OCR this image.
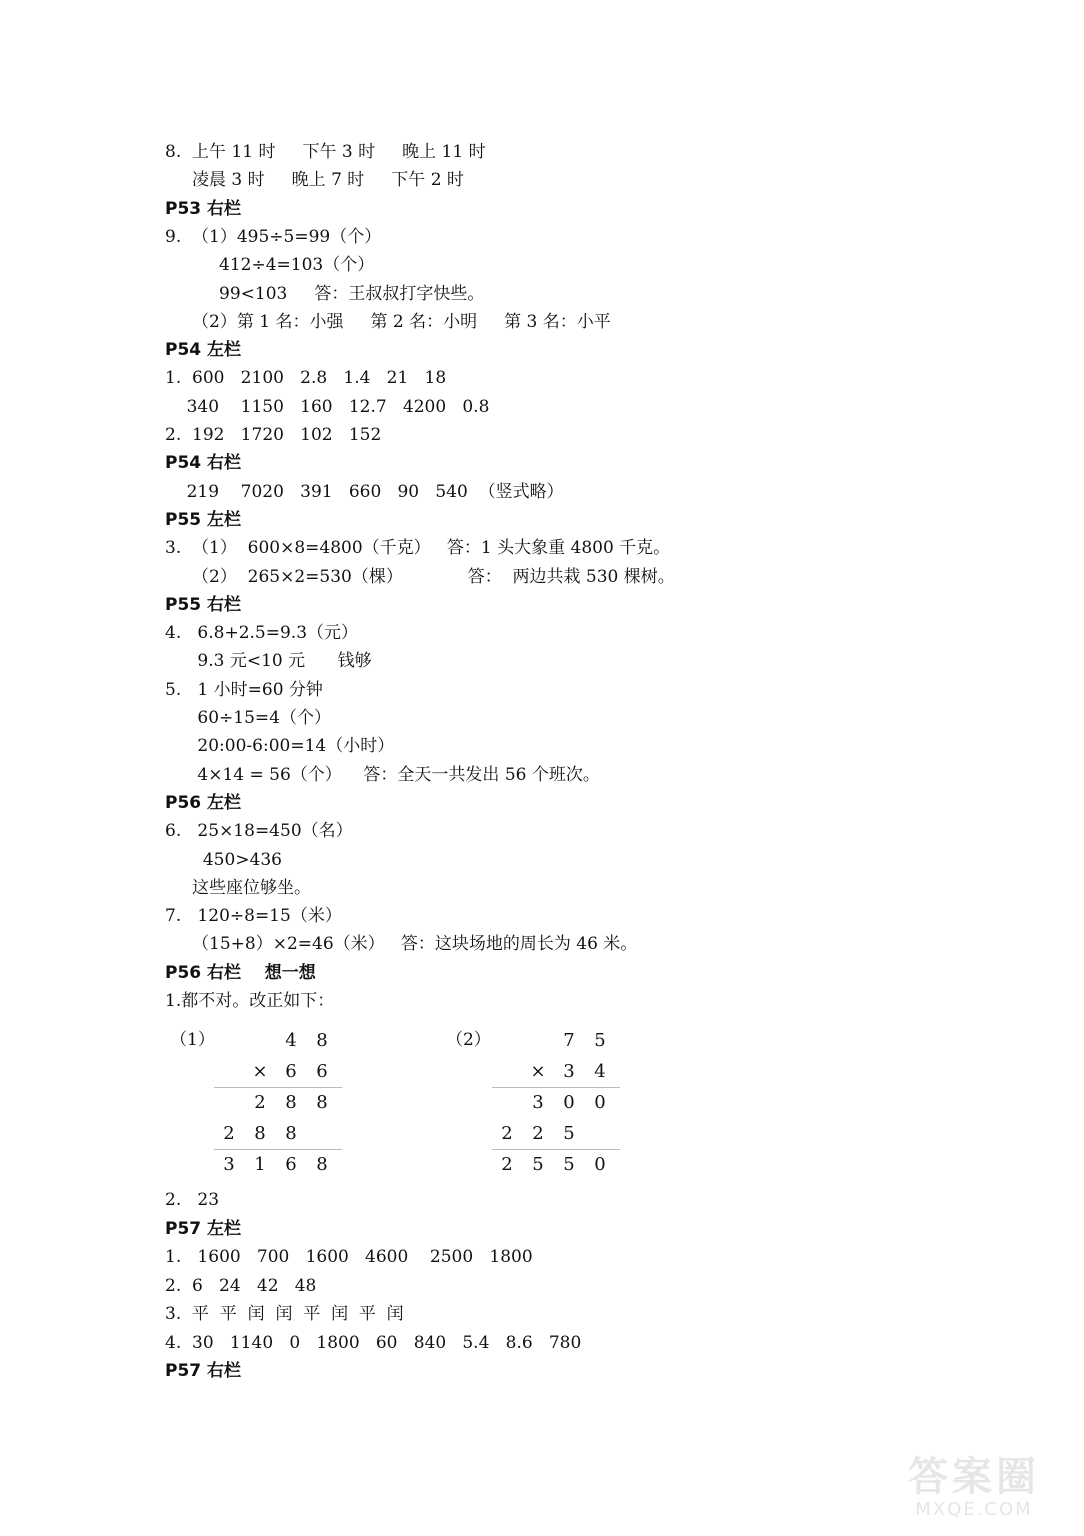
8.  上午 11 时     下午 3 时     晚上 11 时
凌晨 3 时     晚上 7 时     下午 2 时
P53 右栏
9.  （1）495÷5=99（个）
412÷4=103（个）
99<103     答：王叔叔打字快些。
（2）第 1 名：小强     第 2 名：小明     第 3 名：小平
P54 左栏
1.  600   2100   2.8   1.4   21   18
340    1150   160   12.7   4200   0.8
2.  192   1720   102   152
P54 右栏
219    7020   391   660   90   540  （竖式略）
P55 左栏
3.  （1）  600×8=4800（千克）   答：1 头大象重 4800 千克。
（2）  265×2=530（棵）            答：  两边共栽 530 棵树。
P55 右栏
4.   6.8+2.5=9.3（元）
9.3 元<10 元      钱够
5.   1 小时=60 分钟
60÷15=4（个）
20:00-6:00=14（小时）
4×14 = 56（个）    答：全天一共发出 56 个班次。
P56 左栏
6.   25×18=450（名）
450>436
这些座位够坐。
7.   120÷8=15（米）
（15+8）×2=46（米）   答：这块场地的周长为 46 米。
P56 右栏    想一想
1.都不对。改正如下：
（1）	4	8
× 6	6
2	8	8
2	8	8
3	1	6	8
（2）	7	5
× 3	4
3	0	0
2	2	5
2	5	5	0
2.   23
P57 左栏
1.   1600   700   1600   4600    2500   1800
2.  6   24   42   48
3.  平  平  闰  闰  平  闰  平  闰
4.  30   1140   0   1800   60   840   5.4   8.6   780
P57 右栏
答案圈
MXQE.COM
